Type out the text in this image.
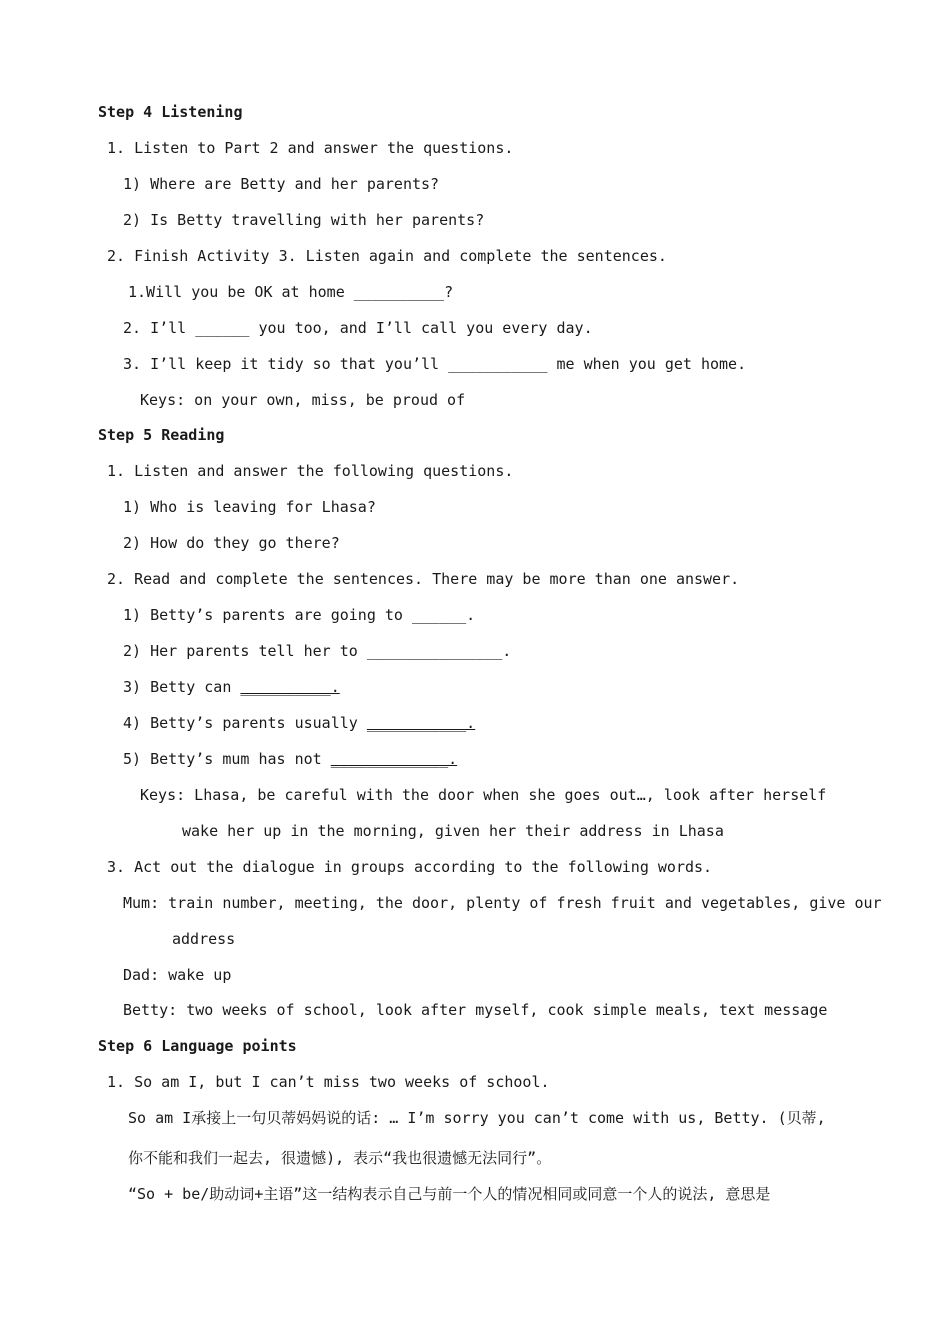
Step 4 Listening
1. Listen to Part 2 and answer the questions.
1) Where are Betty and her parents?
2) Is Betty travelling with her parents?
2. Finish Activity 3. Listen again and complete the sentences.
1.Will you be OK at home __________?
2. I’ll ______ you too, and I’ll call you every day.
3. I’ll keep it tidy so that you’ll ___________ me when you get home.
Keys: on your own, miss, be proud of
Step 5 Reading
1. Listen and answer the following questions.
1) Who is leaving for Lhasa?
2) How do they go there?
2. Read and complete the sentences. There may be more than one answer.
1) Betty’s parents are going to ______.
2) Her parents tell her to _______________.
3) Betty can __________.
4) Betty’s parents usually ___________.
5) Betty’s mum has not _____________.
Keys: Lhasa, be careful with the door when she goes out…, look after herself
wake her up in the morning, given her their address in Lhasa
3. Act out the dialogue in groups according to the following words.
Mum: train number, meeting, the door, plenty of fresh fruit and vegetables, give our
address
Dad: wake up
Betty: two weeks of school, look after myself, cook simple meals, text message
Step 6 Language points
1. So am I, but I can’t miss two weeks of school.
So am I承接上一句贝蒂妈妈说的话: … I’m sorry you can’t come with us, Betty. (贝蒂,
你不能和我们一起去, 很遗憾), 表示“我也很遗憾无法同行”。
“So + be/助动词+主语”这一结构表示自己与前一个人的情况相同或同意一个人的说法, 意思是
